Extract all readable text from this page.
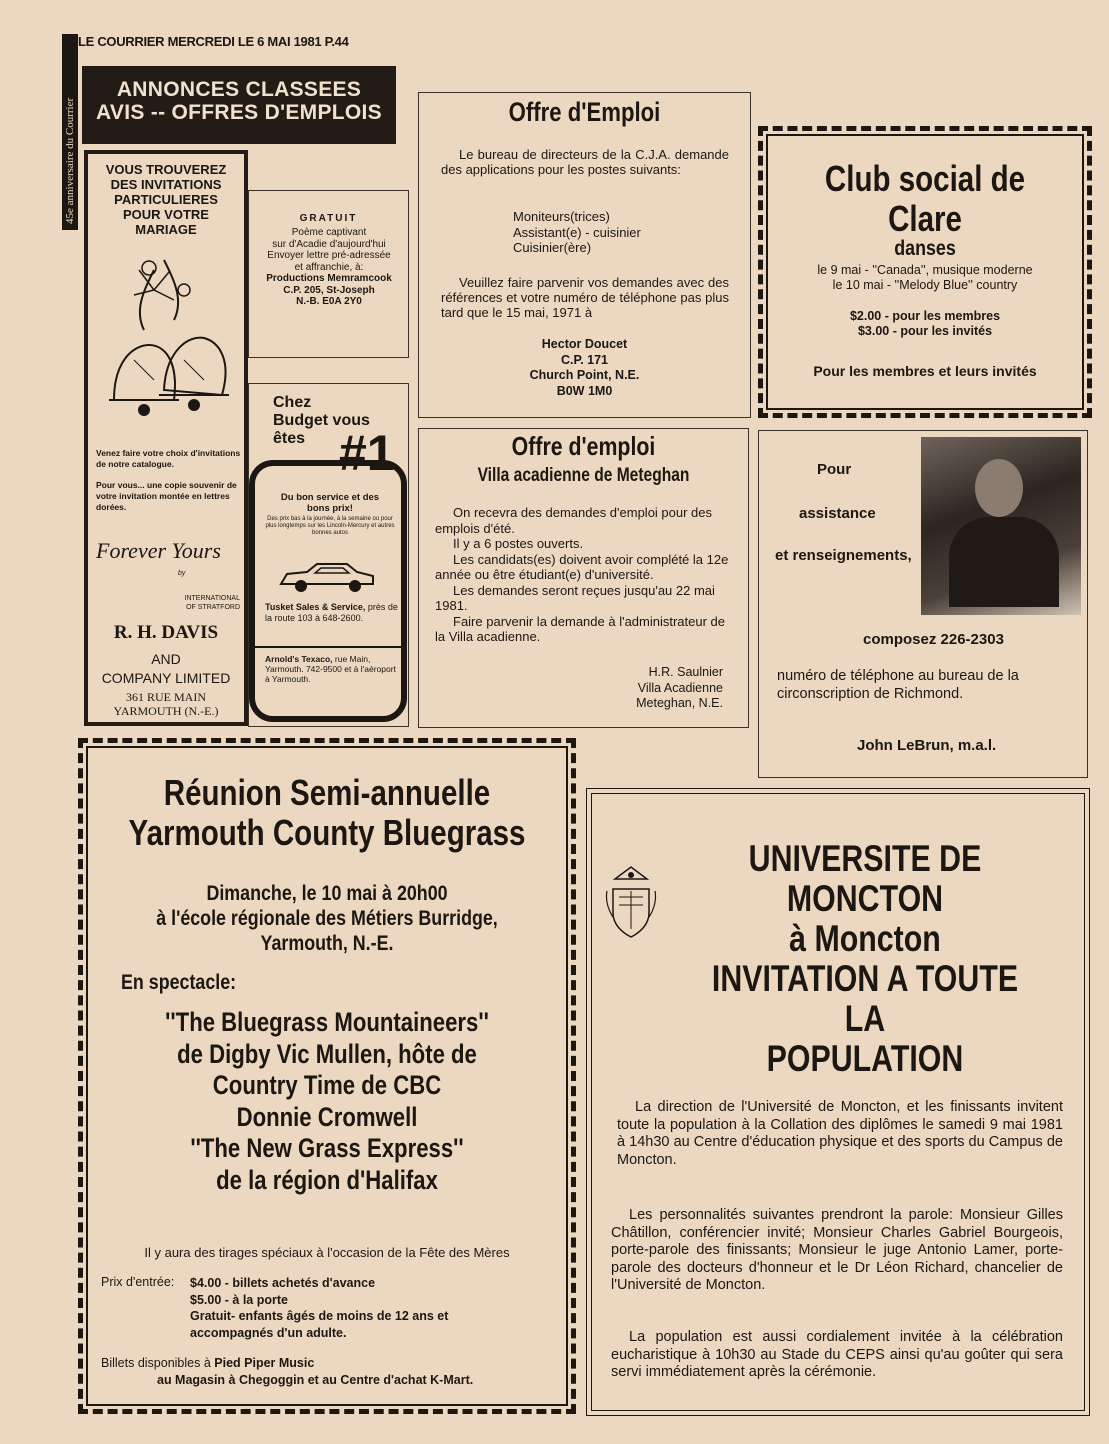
45e anniversaire du Courrier
LE COURRIER MERCREDI LE 6 MAI 1981 P.44
ANNONCES CLASSEES
AVIS -- OFFRES D'EMPLOIS
VOUS TROUVEREZ
DES INVITATIONS
PARTICULIERES
POUR VOTRE
MARIAGE
Venez faire votre choix d'invitations de notre catalogue.
Pour vous... une copie souvenir de votre invitation montée en lettres dorées.
Forever Yours
by
INTERNATIONAL
OF STRATFORD
R. H. DAVIS
AND
COMPANY LIMITED
361 RUE MAIN
YARMOUTH (N.-E.)
GRATUIT
Poème captivant
sur d'Acadie d'aujourd'hui
Envoyer lettre pré-adressée
et affranchie, à:
Productions Memramcook
C.P. 205, St-Joseph
N.-B. E0A 2Y0
Chez
Budget vous
êtes #1
Du bon service et des
bons prix!
Des prix bas à la journée, à la semaine ou pour plus longtemps sur les Lincoln-Mercury et autres bonnes autos
Tusket Sales & Service, près de la route 103 à 648-2600.
Arnold's Texaco, rue Main, Yarmouth. 742-9500 et à l'aéroport à Yarmouth.
Offre d'Emploi
Le bureau de directeurs de la C.J.A. demande des applications pour les postes suivants:
Moniteurs(trices)
Assistant(e) - cuisinier
Cuisinier(ère)
Veuillez faire parvenir vos demandes avec des références et votre numéro de téléphone pas plus tard que le 15 mai, 1971 à
Hector Doucet
C.P. 171
Church Point, N.E.
B0W 1M0
Offre d'emploi
Villa acadienne de Meteghan
On recevra des demandes d'emploi pour des emplois d'été.
Il y a 6 postes ouverts.
Les candidats(es) doivent avoir complété la 12e année ou être étudiant(e) d'université.
Les demandes seront reçues jusqu'au 22 mai 1981.
Faire parvenir la demande à l'administrateur de la Villa acadienne.
H.R. Saulnier
Villa Acadienne
Meteghan, N.E.
Club social de
Clare
danses
le 9 mai - ''Canada'', musique moderne
le 10 mai - ''Melody Blue'' country
$2.00 - pour les membres
$3.00 - pour les invités
Pour les membres et leurs invités
Pour
assistance
et renseignements,
composez 226-2303
numéro de téléphone au bureau de la circonscription de Richmond.
John LeBrun, m.a.l.
Réunion Semi-annuelle
Yarmouth County Bluegrass
Dimanche, le 10 mai à 20h00
à l'école régionale des Métiers Burridge,
Yarmouth, N.-E.
En spectacle:
''The Bluegrass Mountaineers''
de Digby Vic Mullen, hôte de
Country Time de CBC
Donnie Cromwell
''The New Grass Express''
de la région d'Halifax
Il y aura des tirages spéciaux à l'occasion de la Fête des Mères
Prix d'entrée: $4.00 - billets achetés d'avance
$5.00 - à la porte
Gratuit- enfants âgés de moins de 12 ans et
accompagnés d'un adulte.
Billets disponibles à Pied Piper Music
au Magasin à Chegoggin et au Centre d'achat K-Mart.
UNIVERSITE DE MONCTON
à Moncton
INVITATION A TOUTE LA
POPULATION
La direction de l'Université de Moncton, et les finissants invitent toute la population à la Collation des diplômes le samedi 9 mai 1981 à 14h30 au Centre d'éducation physique et des sports du Campus de Moncton.
Les personnalités suivantes prendront la parole: Monsieur Gilles Châtillon, conférencier invité; Monsieur Charles Gabriel Bourgeois, porte-parole des finissants; Monsieur le juge Antonio Lamer, porte-parole des docteurs d'honneur et le Dr Léon Richard, chancelier de l'Université de Moncton.
La population est aussi cordialement invitée à la célébration eucharistique à 10h30 au Stade du CEPS ainsi qu'au goûter qui sera servi immédiatement après la cérémonie.
